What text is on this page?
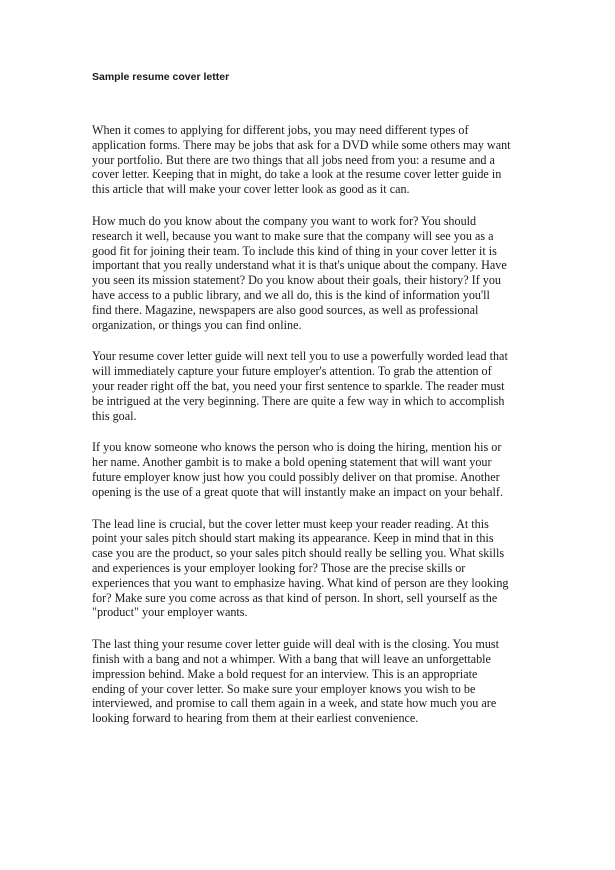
Sample resume cover letter

When it comes to applying for different jobs, you may need different types of
application forms. There may be jobs that ask for a DVD while some others may want
your portfolio. But there are two things that all jobs need from you: a resume and a
cover letter. Keeping that in might, do take a look at the resume cover letter guide in
this article that will make your cover letter look as good as it can.

How much do you know about the company you want to work for? You should
research it well, because you want to make sure that the company will see you as a
good fit for joining their team. To include this kind of thing in your cover letter it is
important that you really understand what it is that's unique about the company. Have
you seen its mission statement? Do you know about their goals, their history? If you
have access to a public library, and we all do, this is the kind of information you'll
find there. Magazine, newspapers are also good sources, as well as professional
organization, or things you can find online.

Your resume cover letter guide will next tell you to use a powerfully worded lead that
will immediately capture your future employer's attention. To grab the attention of
your reader right off the bat, you need your first sentence to sparkle. The reader must
be intrigued at the very beginning. There are quite a few way in which to accomplish
this goal.

If you know someone who knows the person who is doing the hiring, mention his or
her name. Another gambit is to make a bold opening statement that will want your
future employer know just how you could possibly deliver on that promise. Another
opening is the use of a great quote that will instantly make an impact on your behalf.

The lead line is crucial, but the cover letter must keep your reader reading. At this
point your sales pitch should start making its appearance. Keep in mind that in this
case you are the product, so your sales pitch should really be selling you. What skills
and experiences is your employer looking for? Those are the precise skills or
experiences that you want to emphasize having. What kind of person are they looking
for? Make sure you come across as that kind of person. In short, sell yourself as the
"product" your employer wants.

The last thing your resume cover letter guide will deal with is the closing. You must
finish with a bang and not a whimper. With a bang that will leave an unforgettable
impression behind. Make a bold request for an interview. This is an appropriate
ending of your cover letter. So make sure your employer knows you wish to be
interviewed, and promise to call them again in a week, and state how much you are
looking forward to hearing from them at their earliest convenience.
